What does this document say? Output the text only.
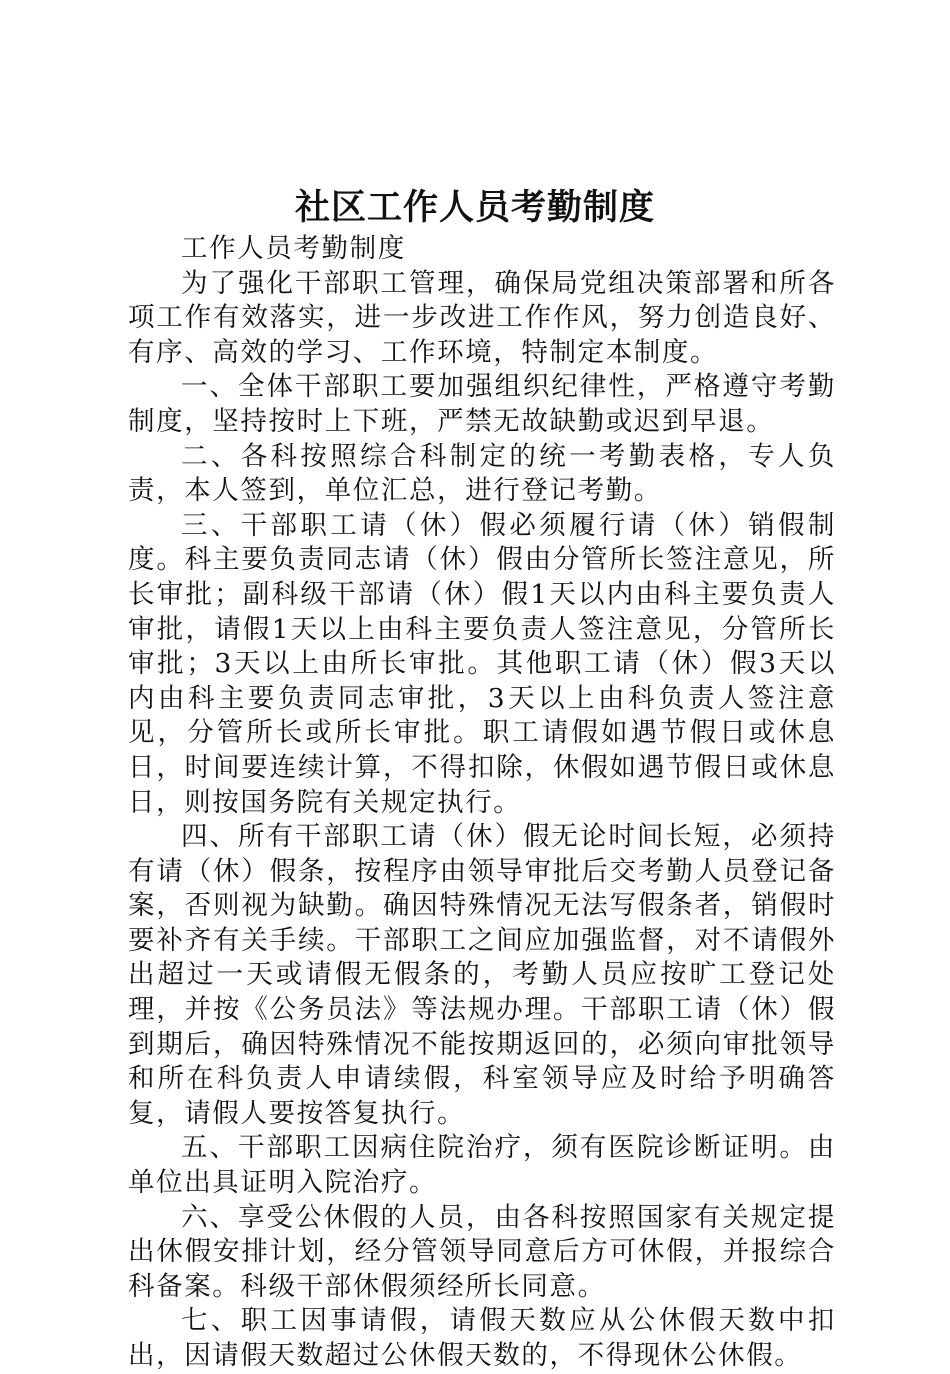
社区工作人员考勤制度

工作人员考勤制度

为了强化干部职工管理，确保局党组决策部署和所各项工作有效落实，进一步改进工作作风，努力创造良好、有序、高效的学习、工作环境，特制定本制度。

一、全体干部职工要加强组织纪律性，严格遵守考勤制度，坚持按时上下班，严禁无故缺勤或迟到早退。

二、各科按照综合科制定的统一考勤表格，专人负责，本人签到，单位汇总，进行登记考勤。

三、干部职工请（休）假必须履行请（休）销假制度。科主要负责同志请（休）假由分管所长签注意见，所长审批；副科级干部请（休）假1天以内由科主要负责人审批，请假1天以上由科主要负责人签注意见，分管所长审批；3天以上由所长审批。其他职工请（休）假3天以内由科主要负责同志审批，3天以上由科负责人签注意见，分管所长或所长审批。职工请假如遇节假日或休息日，时间要连续计算，不得扣除，休假如遇节假日或休息日，则按国务院有关规定执行。

四、所有干部职工请（休）假无论时间长短，必须持有请（休）假条，按程序由领导审批后交考勤人员登记备案，否则视为缺勤。确因特殊情况无法写假条者，销假时要补齐有关手续。干部职工之间应加强监督，对不请假外出超过一天或请假无假条的，考勤人员应按旷工登记处理，并按《公务员法》等法规办理。干部职工请（休）假到期后，确因特殊情况不能按期返回的，必须向审批领导和所在科负责人申请续假，科室领导应及时给予明确答复，请假人要按答复执行。

五、干部职工因病住院治疗，须有医院诊断证明。由单位出具证明入院治疗。

六、享受公休假的人员，由各科按照国家有关规定提出休假安排计划，经分管领导同意后方可休假，并报综合科备案。科级干部休假须经所长同意。

七、职工因事请假，请假天数应从公休假天数中扣出，因请假天数超过公休假天数的，不得现休公休假。
